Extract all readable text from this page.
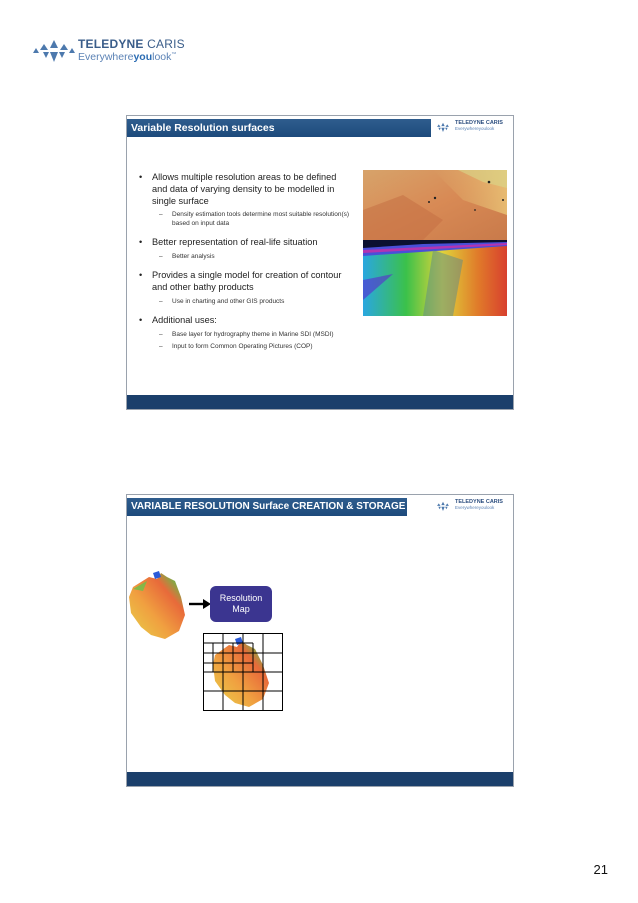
TELEDYNE CARIS
Everywhereyoulook™
Variable Resolution surfaces	TELEDYNE CARIS
Everywhereyoulook
• Allows multiple resolution areas to be defined and data of varying density to be modelled in single surface
– Density estimation tools determine most suitable resolution(s) based on input data
• Better representation of real-life situation
– Better analysis
• Provides a single model for creation of contour and other bathy products
– Use in charting and other GIS products
• Additional uses:
– Base layer for hydrography theme in Marine SDI (MSDI)
– Input to form Common Operating Pictures (COP)
VARIABLE RESOLUTION Surface CREATION & STORAGE	TELEDYNE CARIS
Everywhereyoulook
Resolution
Map
21
